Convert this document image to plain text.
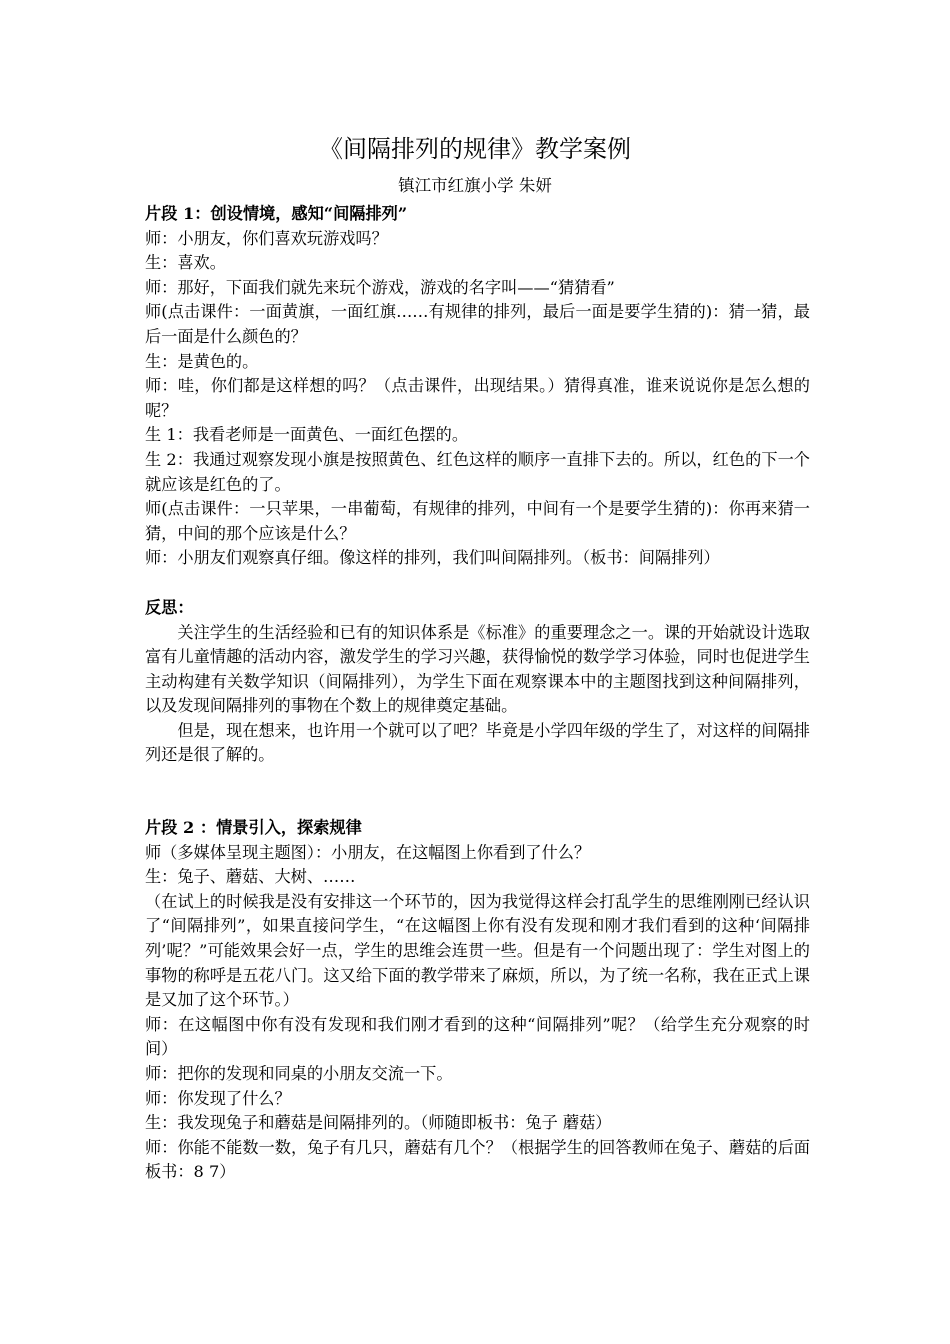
《间隔排列的规律》教学案例
镇江市红旗小学 朱妍

片段 1：创设情境，感知“间隔排列”

师：小朋友，你们喜欢玩游戏吗？

生：喜欢。

师：那好，下面我们就先来玩个游戏，游戏的名字叫——“猜猜看”

师(点击课件：一面黄旗，一面红旗……有规律的排列，最后一面是要学生猜的)：猜一猜，最后一面是什么颜色的？

生：是黄色的。

师：哇，你们都是这样想的吗？（点击课件，出现结果。）猜得真准，谁来说说你是怎么想的呢？

生 1：我看老师是一面黄色、一面红色摆的。

生 2：我通过观察发现小旗是按照黄色、红色这样的顺序一直排下去的。所以，红色的下一个就应该是红色的了。

师(点击课件：一只苹果，一串葡萄，有规律的排列，中间有一个是要学生猜的)：你再来猜一猜，中间的那个应该是什么？

师：小朋友们观察真仔细。像这样的排列，我们叫间隔排列。（板书：间隔排列）

反思：

关注学生的生活经验和已有的知识体系是《标准》的重要理念之一。课的开始就设计选取富有儿童情趣的活动内容，激发学生的学习兴趣，获得愉悦的数学学习体验，同时也促进学生主动构建有关数学知识（间隔排列），为学生下面在观察课本中的主题图找到这种间隔排列，以及发现间隔排列的事物在个数上的规律奠定基础。

但是，现在想来，也许用一个就可以了吧？毕竟是小学四年级的学生了，对这样的间隔排列还是很了解的。

片段 2 ：情景引入，探索规律

师（多媒体呈现主题图）：小朋友，在这幅图上你看到了什么？

生：兔子、蘑菇、大树、……

（在试上的时候我是没有安排这一个环节的，因为我觉得这样会打乱学生的思维刚刚已经认识了“间隔排列”，如果直接问学生，“在这幅图上你有没有发现和刚才我们看到的这种‘间隔排列’呢？”可能效果会好一点，学生的思维会连贯一些。但是有一个问题出现了：学生对图上的事物的称呼是五花八门。这又给下面的教学带来了麻烦，所以，为了统一名称，我在正式上课是又加了这个环节。）

师：在这幅图中你有没有发现和我们刚才看到的这种“间隔排列”呢？（给学生充分观察的时间）

师：把你的发现和同桌的小朋友交流一下。

师：你发现了什么？

生：我发现兔子和蘑菇是间隔排列的。（师随即板书：兔子 蘑菇）

师：你能不能数一数，兔子有几只，蘑菇有几个？（根据学生的回答教师在兔子、蘑菇的后面板书：8 7）
